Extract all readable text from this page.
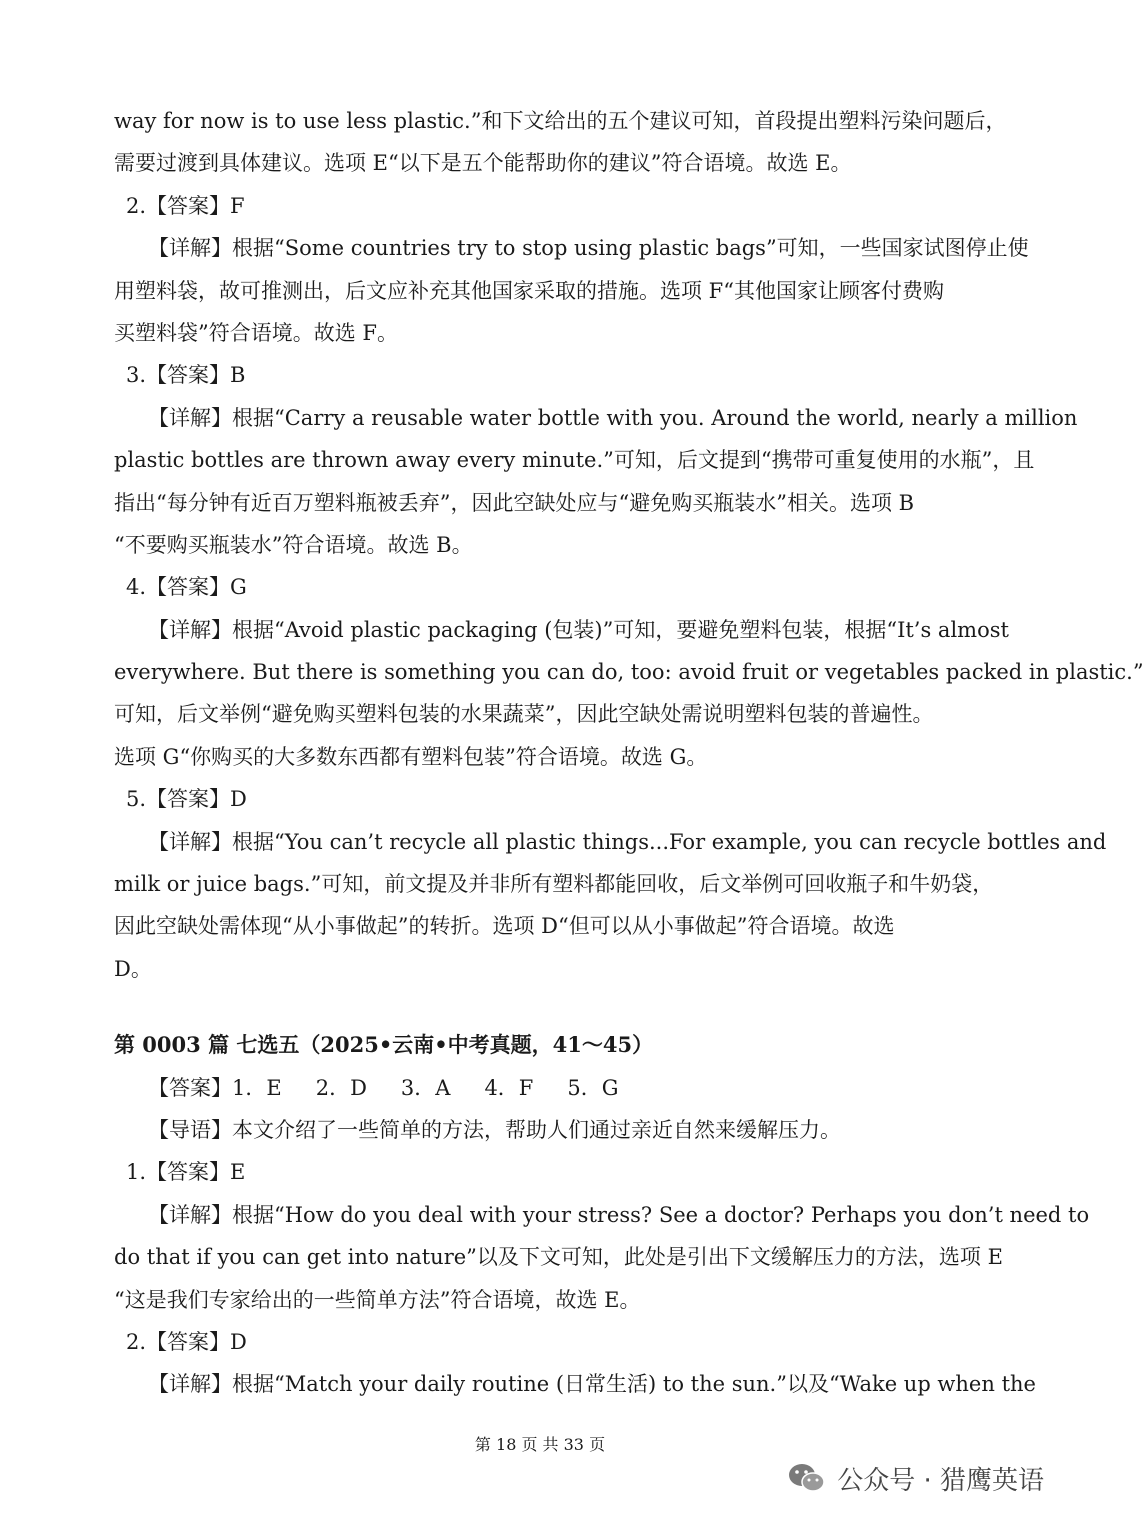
way for now is to use less plastic.”和下文给出的五个建议可知，首段提出塑料污染问题后，
需要过渡到具体建议。选项 E“以下是五个能帮助你的建议”符合语境。故选 E。
2.【答案】F
【详解】根据“Some countries try to stop using plastic bags”可知，一些国家试图停止使
用塑料袋，故可推测出，后文应补充其他国家采取的措施。选项 F“其他国家让顾客付费购
买塑料袋”符合语境。故选 F。
3.【答案】B
【详解】根据“Carry a reusable water bottle with you. Around the world, nearly a million
plastic bottles are thrown away every minute.”可知，后文提到“携带可重复使用的水瓶”，且
指出“每分钟有近百万塑料瓶被丢弃”，因此空缺处应与“避免购买瓶装水”相关。选项 B
“不要购买瓶装水”符合语境。故选 B。
4.【答案】G
【详解】根据“Avoid plastic packaging (包装)”可知，要避免塑料包装，根据“It’s almost
everywhere. But there is something you can do, too: avoid fruit or vegetables packed in plastic.”
可知，后文举例“避免购买塑料包装的水果蔬菜”，因此空缺处需说明塑料包装的普遍性。
选项 G“你购买的大多数东西都有塑料包装”符合语境。故选 G。
5.【答案】D
【详解】根据“You can’t recycle all plastic things...For example, you can recycle bottles and
milk or juice bags.”可知，前文提及并非所有塑料都能回收，后文举例可回收瓶子和牛奶袋，
因此空缺处需体现“从小事做起”的转折。选项 D“但可以从小事做起”符合语境。故选
D。
第 0003 篇 七选五（2025•云南•中考真题，41～45）
【答案】1．E 2．D 3．A 4．F 5．G
【导语】本文介绍了一些简单的方法，帮助人们通过亲近自然来缓解压力。
1.【答案】E
【详解】根据“How do you deal with your stress? See a doctor? Perhaps you don’t need to
do that if you can get into nature”以及下文可知，此处是引出下文缓解压力的方法，选项 E
“这是我们专家给出的一些简单方法”符合语境，故选 E。
2.【答案】D
【详解】根据“Match your daily routine (日常生活) to the sun.”以及“Wake up when the
第 18 页 共 33 页
公众号 · 猎鹰英语
